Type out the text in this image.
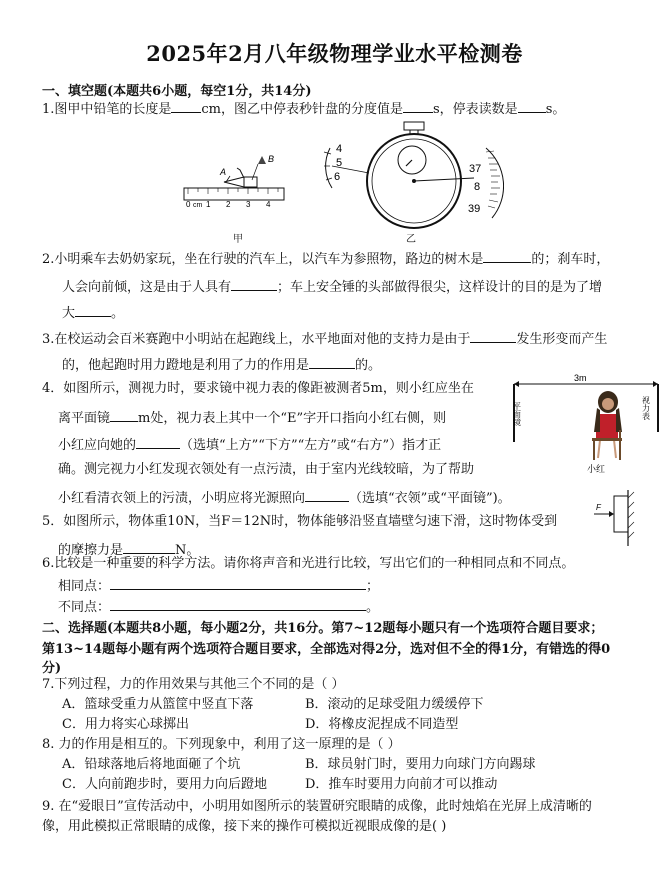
2025年2月八年级物理学业水平检测卷
一、填空题(本题共6小题，每空1分，共14分)
1.图甲中铅笔的长度是 cm，图乙中停表秒针盘的分度值是 s，停表读数是 s。
A
B
0 cm 1 2 3 4
甲
4
5
6
37
8
39
乙
2.小明乘车去奶奶家玩，坐在行驶的汽车上，以汽车为参照物，路边的树木是	的；刹车时，
人会向前倾，这是由于人具有	；车上安全锤的头部做得很尖，这样设计的目的是为了增
大	。
3.在校运动会百米赛跑中小明站在起跑线上，水平地面对他的支持力是由于	发生形变而产生
的，他起跑时用力蹬地是利用了力的作用是	的。
4．如图所示，测视力时，要求镜中视力表的像距被测者5m，则小红应坐在
离平面镜 m处，视力表上其中一个“E”字开口指向小红右侧，则
小红应向她的	（选填“上方”“下方”“左方”或“右方”）指才正
确。测完视力小红发现衣领处有一点污渍，由于室内光线较暗，为了帮助
小红看清衣领上的污渍，小明应将光源照向	（选填“衣领”或“平面镜”)。
3m
平面镜	视力表
小红
5．如图所示，物体重10N，当F＝12N时，物体能够沿竖直墙壁匀速下滑，这时物体受到
的摩擦力是	N。
F
6.比较是一种重要的科学方法。请你将声音和光进行比较，写出它们的一种相同点和不同点。
相同点：	；
不同点：	。
二、选择题(本题共8小题，每小题2分，共16分。第7~12题每小题只有一个选项符合题目要求；
第13~14题每小题有两个选项符合题目要求，全部选对得2分，选对但不全的得1分，有错选的得0
分)
7.下列过程，力的作用效果与其他三个不同的是（ ）
A．篮球受重力从篮筐中竖直下落	B．滚动的足球受阻力缓缓停下
C．用力将实心球掷出	D．将橡皮泥捏成不同造型
8. 力的作用是相互的。下列现象中，利用了这一原理的是（ ）
A．铅球落地后将地面砸了个坑	B．球员射门时，要用力向球门方向踢球
C．人向前跑步时，要用力向后蹬地	D．推车时要用力向前才可以推动
9. 在“爱眼日”宣传活动中，小明用如图所示的装置研究眼睛的成像，此时烛焰在光屏上成清晰的
像，用此模拟正常眼睛的成像，接下来的操作可模拟近视眼成像的是( )
